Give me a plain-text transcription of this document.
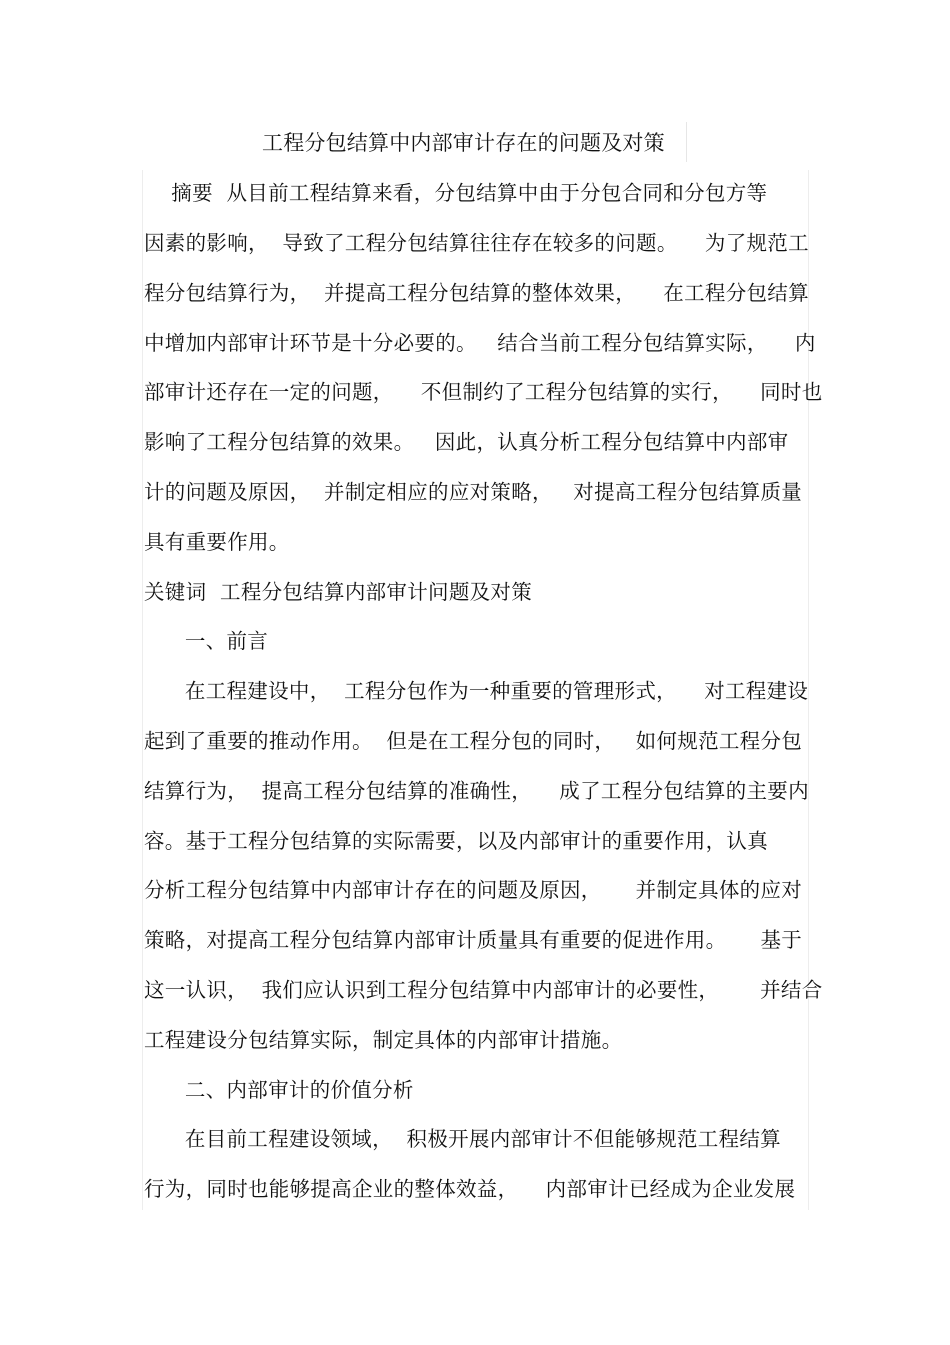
工程分包结算中内部审计存在的问题及对策
摘要  从目前工程结算来看，分包结算中由于分包合同和分包方等
因素的影响，  导致了工程分包结算往往存在较多的问题。    为了规范工
程分包结算行为，  并提高工程分包结算的整体效果，    在工程分包结算
中增加内部审计环节是十分必要的。   结合当前工程分包结算实际，    内
部审计还存在一定的问题，    不但制约了工程分包结算的实行，    同时也
影响了工程分包结算的效果。   因此，认真分析工程分包结算中内部审
计的问题及原因，  并制定相应的应对策略，   对提高工程分包结算质量
具有重要作用。
关键词  工程分包结算内部审计问题及对策
一、前言
在工程建设中，  工程分包作为一种重要的管理形式，    对工程建设
起到了重要的推动作用。  但是在工程分包的同时，   如何规范工程分包
结算行为，  提高工程分包结算的准确性，    成了工程分包结算的主要内
容。基于工程分包结算的实际需要，以及内部审计的重要作用，认真
分析工程分包结算中内部审计存在的问题及原因，     并制定具体的应对
策略，对提高工程分包结算内部审计质量具有重要的促进作用。     基于
这一认识，  我们应认识到工程分包结算中内部审计的必要性，      并结合
工程建设分包结算实际，制定具体的内部审计措施。
二、内部审计的价值分析
在目前工程建设领域，  积极开展内部审计不但能够规范工程结算
行为，同时也能够提高企业的整体效益，    内部审计已经成为企业发展
